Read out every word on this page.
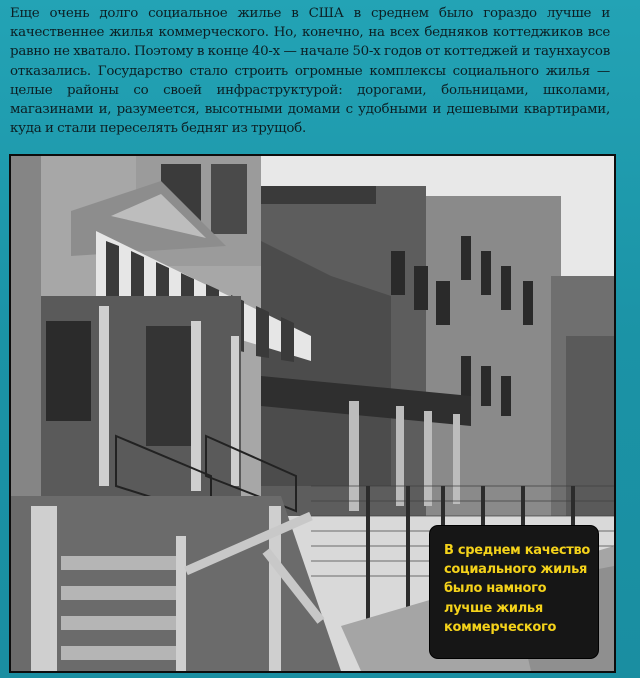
Еще очень долго социальное жилье в США в среднем было гораздо лучше и качественнее жилья коммерческого. Но, конечно, на всех бедняков коттеджиков все равно не хватало. Поэтому в конце 40-х — начале 50-х годов от коттеджей и таунхаусов отказались. Государство стало строить огромные комплексы социального жилья — целые районы со своей инфраструктурой: дорогами, больницами, школами, магазинами и, разумеется, высотными домами с удобными и дешевыми квартирами, куда и стали переселять бедняг из трущоб.
В среднем качество социального жилья было намного лучше жилья коммерческого
